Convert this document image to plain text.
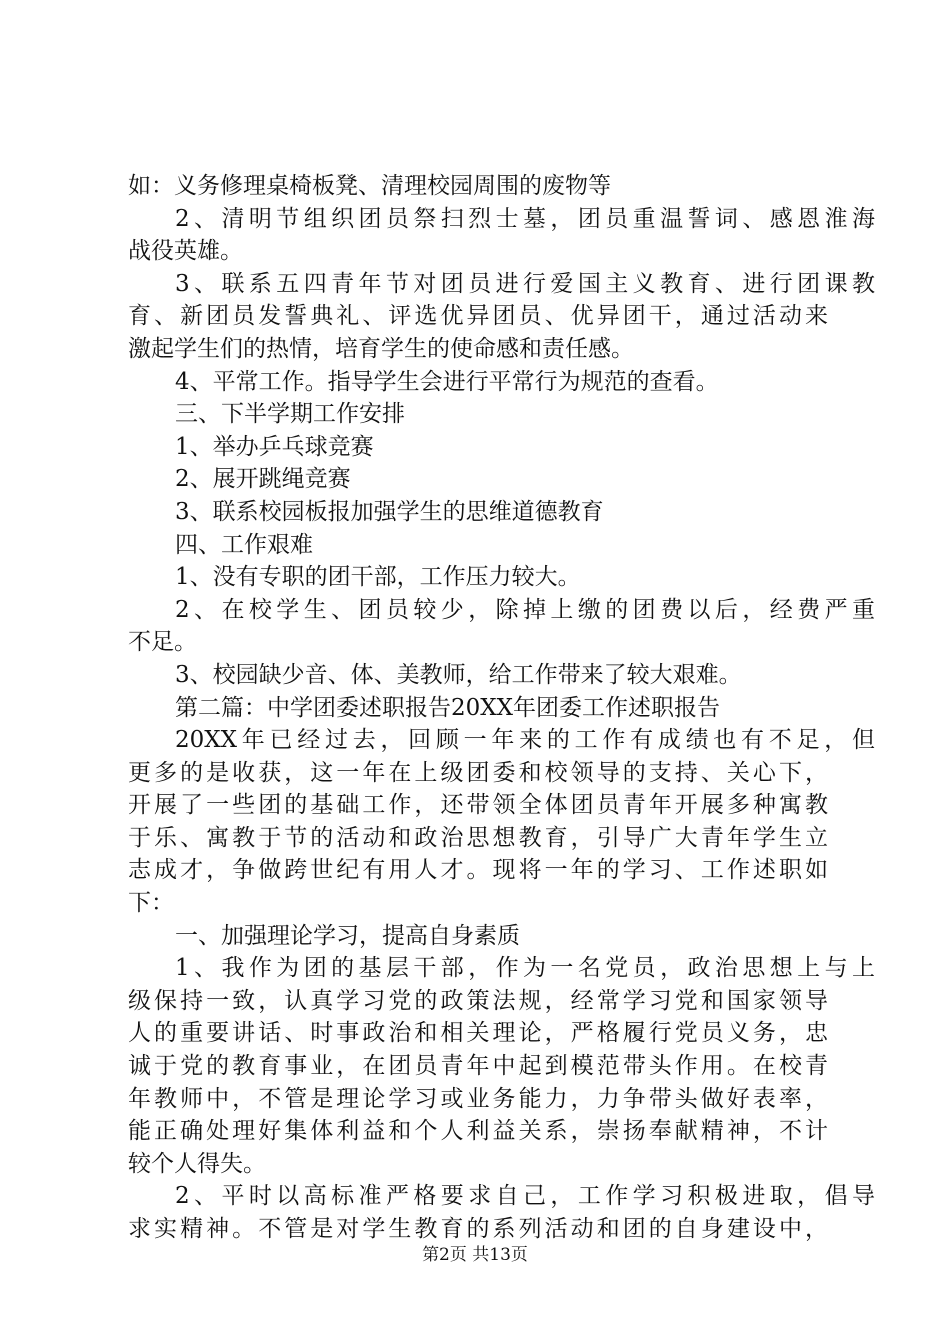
如：义务修理桌椅板凳、清理校园周围的废物等
2、清明节组织团员祭扫烈士墓，团员重温誓词、感恩淮海
战役英雄。
3、联系五四青年节对团员进行爱国主义教育、进行团课教
育、新团员发誓典礼、评选优异团员、优异团干，通过活动来
激起学生们的热情，培育学生的使命感和责任感。
4、平常工作。指导学生会进行平常行为规范的查看。
三、下半学期工作安排
1、举办乒乓球竞赛
2、展开跳绳竞赛
3、联系校园板报加强学生的思维道德教育
四、工作艰难
1、没有专职的团干部，工作压力较大。
2、在校学生、团员较少，除掉上缴的团费以后，经费严重
不足。
3、校园缺少音、体、美教师，给工作带来了较大艰难。
第二篇：中学团委述职报告20XX年团委工作述职报告
20XX年已经过去，回顾一年来的工作有成绩也有不足，但
更多的是收获，这一年在上级团委和校领导的支持、关心下，
开展了一些团的基础工作，还带领全体团员青年开展多种寓教
于乐、寓教于节的活动和政治思想教育，引导广大青年学生立
志成才，争做跨世纪有用人才。现将一年的学习、工作述职如
下：
一、加强理论学习，提高自身素质
1、我作为团的基层干部，作为一名党员，政治思想上与上
级保持一致，认真学习党的政策法规，经常学习党和国家领导
人的重要讲话、时事政治和相关理论，严格履行党员义务，忠
诚于党的教育事业，在团员青年中起到模范带头作用。在校青
年教师中，不管是理论学习或业务能力，力争带头做好表率，
能正确处理好集体利益和个人利益关系，崇扬奉献精神，不计
较个人得失。
2、平时以高标准严格要求自己，工作学习积极进取，倡导
求实精神。不管是对学生教育的系列活动和团的自身建设中，
第2页 共13页
